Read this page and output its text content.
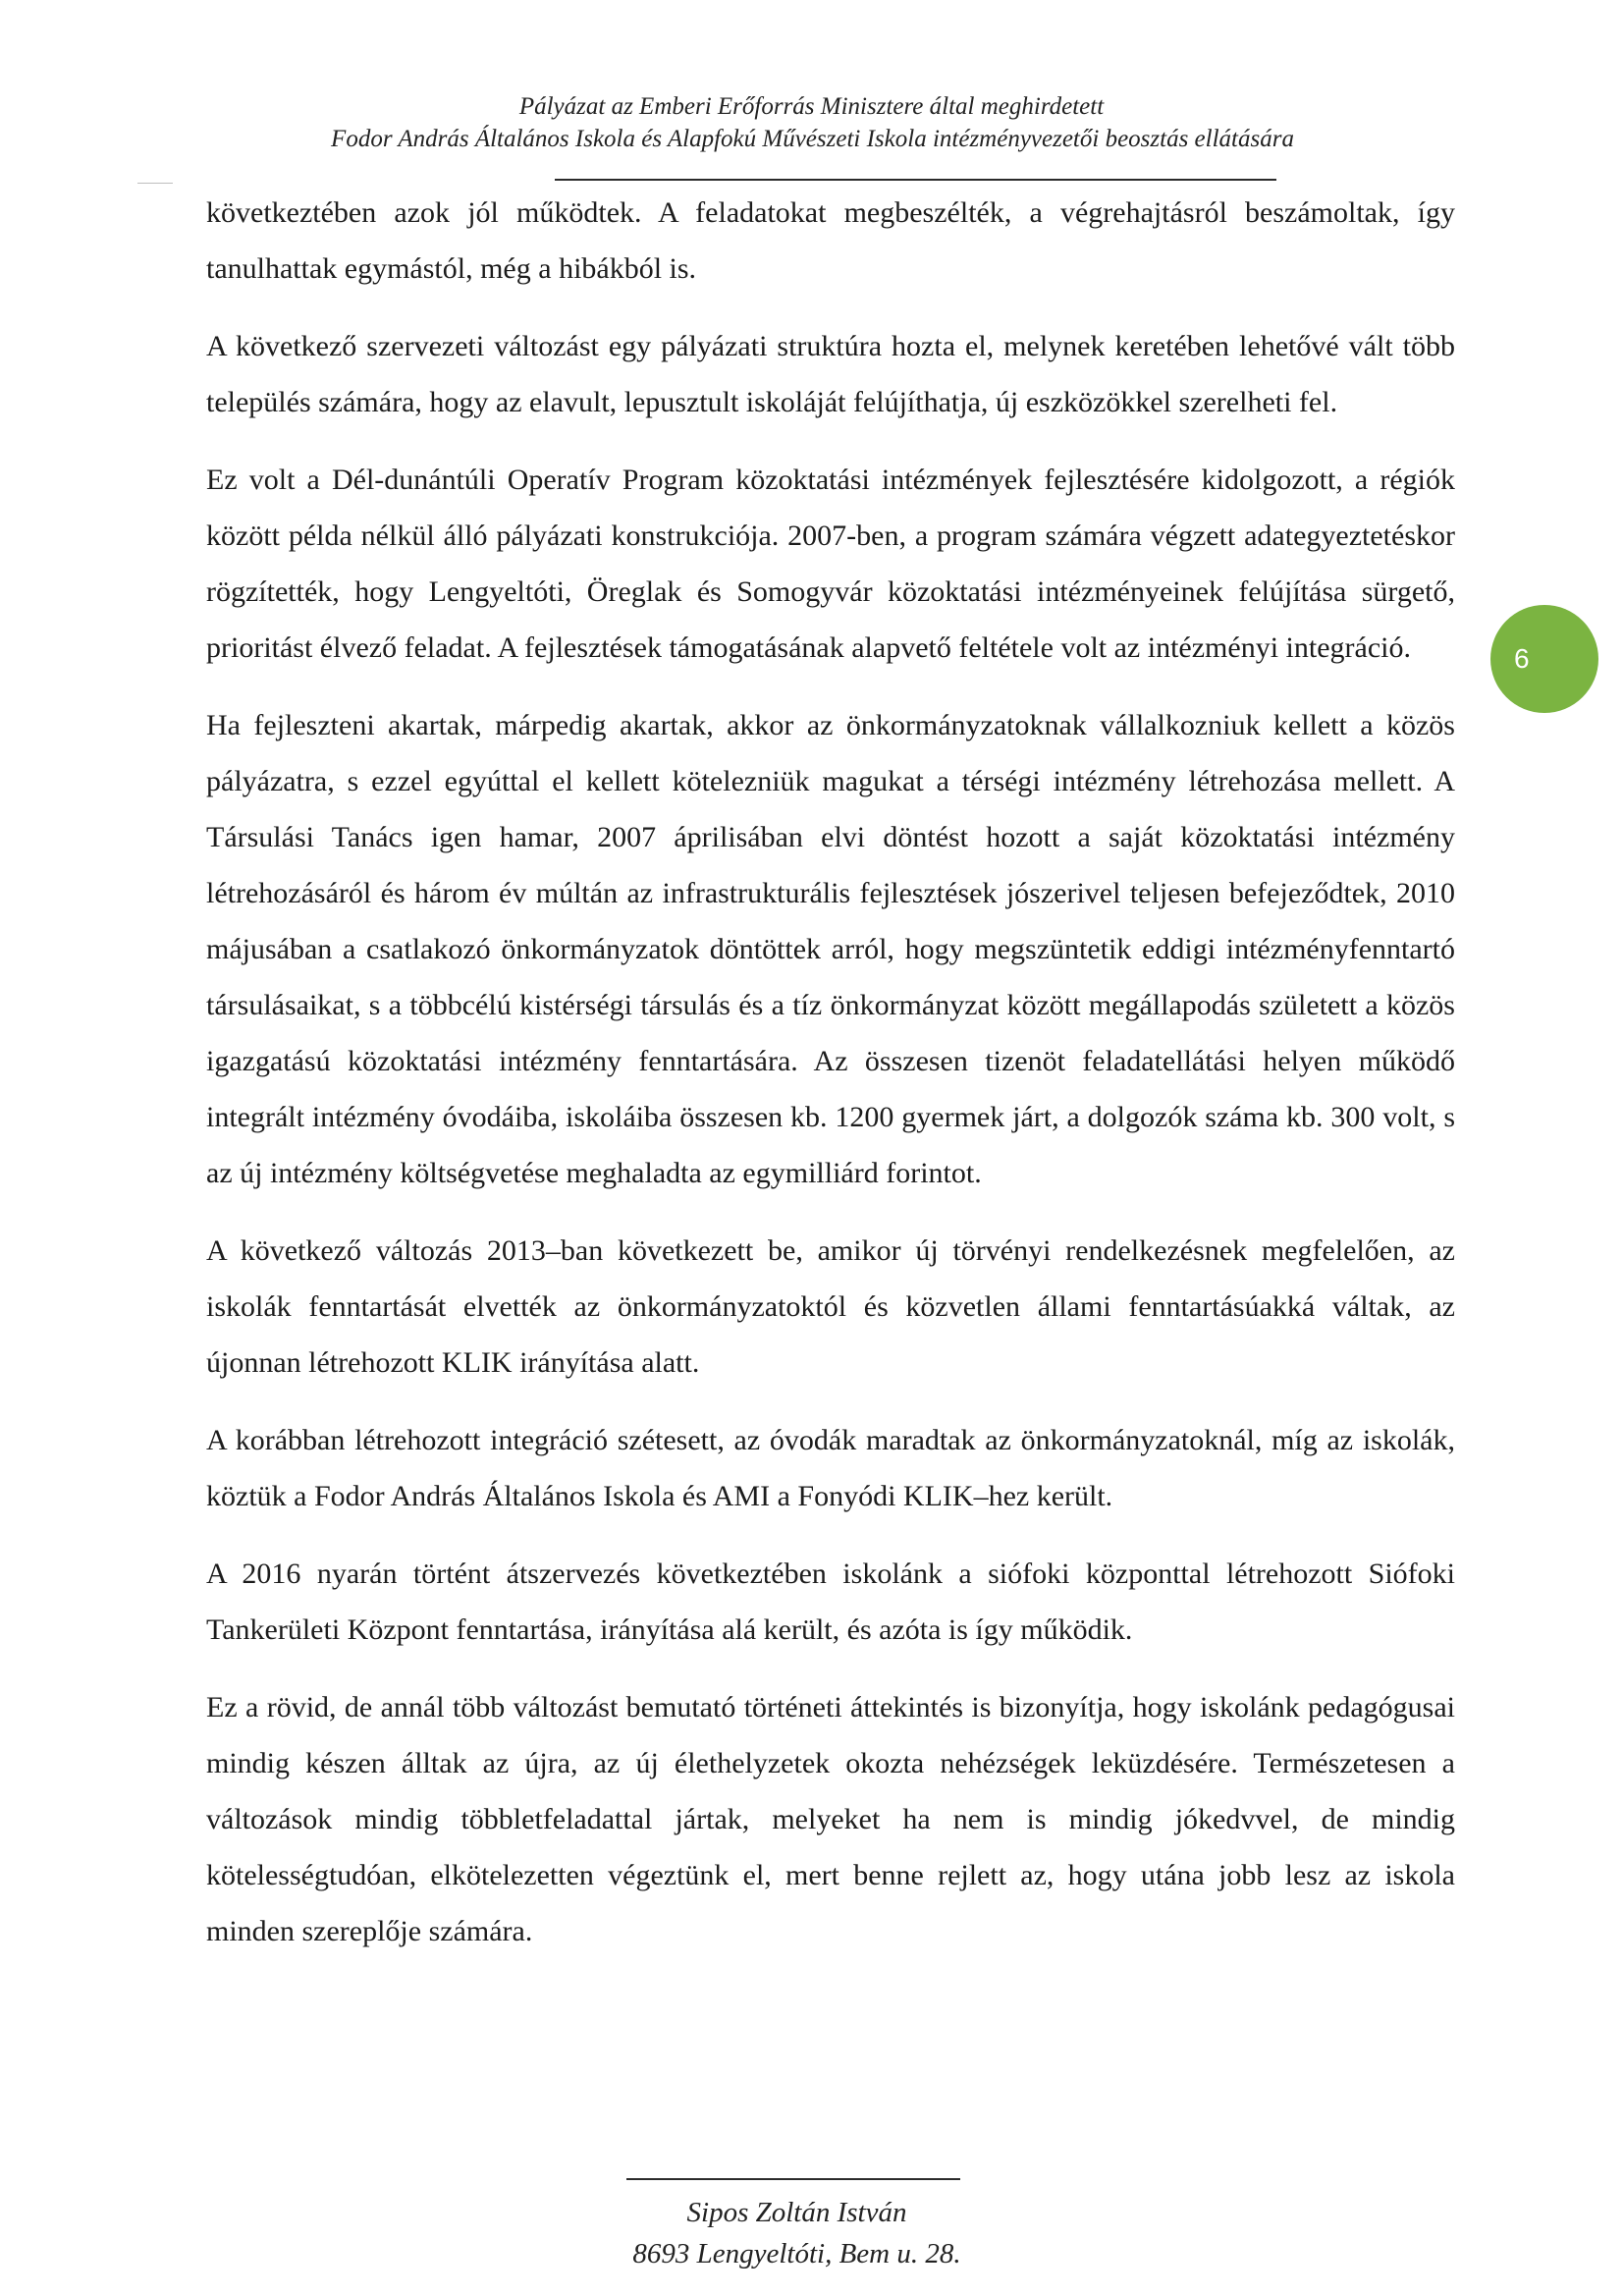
Pályázat az Emberi Erőforrás Minisztere által meghirdetett
Fodor András Általános Iskola és Alapfokú Művészeti Iskola intézményvezetői beosztás ellátására

következtében azok jól működtek. A feladatokat megbeszélték, a végrehajtásról beszámoltak, így tanulhattak egymástól, még a hibákból is.

A következő szervezeti változást egy pályázati struktúra hozta el, melynek keretében lehetővé vált több település számára, hogy az elavult, lepusztult iskoláját felújíthatja, új eszközökkel szerelheti fel.

Ez volt a Dél-dunántúli Operatív Program közoktatási intézmények fejlesztésére kidolgozott, a régiók között példa nélkül álló pályázati konstrukciója. 2007-ben, a program számára végzett adategyeztetéskor rögzítették, hogy Lengyeltóti, Öreglak és Somogyvár közoktatási intézményeinek felújítása sürgető, prioritást élvező feladat. A fejlesztések támogatásának alapvető feltétele volt az intézményi integráció.

Ha fejleszteni akartak, márpedig akartak, akkor az önkormányzatoknak vállalkozniuk kellett a közös pályázatra, s ezzel egyúttal el kellett kötelezniük magukat a térségi intézmény létrehozása mellett. A Társulási Tanács igen hamar, 2007 áprilisában elvi döntést hozott a saját közoktatási intézmény létrehozásáról és három év múltán az infrastrukturális fejlesztések jószerivel teljesen befejeződtek, 2010 májusában a csatlakozó önkormányzatok döntöttek arról, hogy megszüntetik eddigi intézményfenntartó társulásaikat, s a többcélú kistérségi társulás és a tíz önkormányzat között megállapodás született a közös igazgatású közoktatási intézmény fenntartására. Az összesen tizenöt feladatellátási helyen működő integrált intézmény óvodáiba, iskoláiba összesen kb. 1200 gyermek járt, a dolgozók száma kb. 300 volt, s az új intézmény költségvetése meghaladta az egymilliárd forintot.

A következő változás 2013–ban következett be, amikor új törvényi rendelkezésnek megfelelően, az iskolák fenntartását elvették az önkormányzatoktól és közvetlen állami fenntartásúakká váltak, az újonnan létrehozott KLIK irányítása alatt.

A korábban létrehozott integráció szétesett, az óvodák maradtak az önkormányzatoknál, míg az iskolák, köztük a Fodor András Általános Iskola és AMI a Fonyódi KLIK–hez került.

A 2016 nyarán történt átszervezés következtében iskolánk a siófoki központtal létrehozott Siófoki Tankerületi Központ fenntartása, irányítása alá került, és azóta is így működik.

Ez a rövid, de annál több változást bemutató történeti áttekintés is bizonyítja, hogy iskolánk pedagógusai mindig készen álltak az újra, az új élethelyzetek okozta nehézségek leküzdésére. Természetesen a változások mindig többletfeladattal jártak, melyeket ha nem is mindig jókedvvel, de mindig kötelességtudóan, elkötelezetten végeztünk el, mert benne rejlett az, hogy utána jobb lesz az iskola minden szereplője számára.

6
Sipos Zoltán István
8693 Lengyeltóti, Bem u. 28.
